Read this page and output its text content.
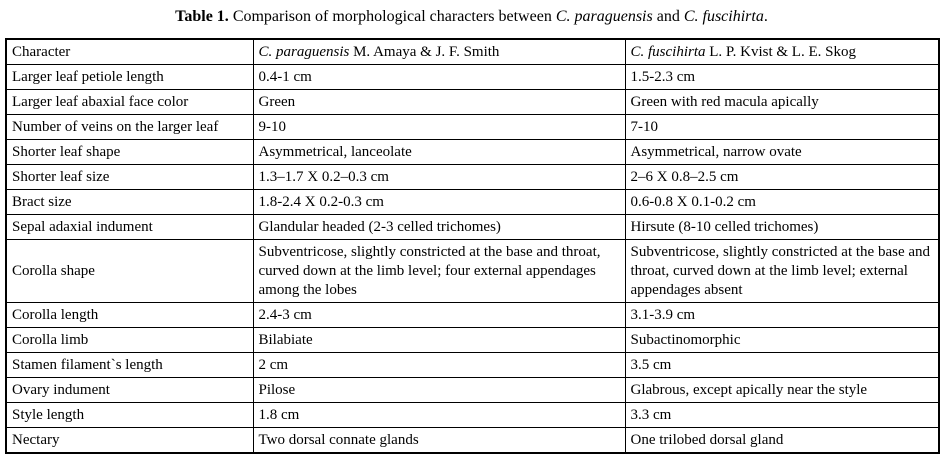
Table 1. Comparison of morphological characters between C. paraguensis and C. fuscihirta.
Character	C. paraguensis M. Amaya & J. F. Smith	C. fuscihirta L. P. Kvist & L. E. Skog
Larger leaf petiole length	0.4-1 cm	1.5-2.3 cm
Larger leaf abaxial face color	Green	Green with red macula apically
Number of veins on the larger leaf	9-10	7-10
Shorter leaf shape	Asymmetrical, lanceolate	Asymmetrical, narrow ovate
Shorter leaf size	1.3–1.7 X 0.2–0.3 cm	2–6 X 0.8–2.5 cm
Bract size	1.8-2.4 X 0.2-0.3 cm	0.6-0.8 X 0.1-0.2 cm
Sepal adaxial indument	Glandular headed (2-3 celled trichomes)	Hirsute (8-10 celled trichomes)
Corolla shape	Subventricose, slightly constricted at the base and throat, curved down at the limb level; four external appendages among the lobes	Subventricose, slightly constricted at the base and throat, curved down at the limb level; external appendages absent
Corolla length	2.4-3 cm	3.1-3.9 cm
Corolla limb	Bilabiate	Subactinomorphic
Stamen filament`s length	2 cm	3.5 cm
Ovary indument	Pilose	Glabrous, except apically near the style
Style length	1.8 cm	3.3 cm
Nectary	Two dorsal connate glands	One trilobed dorsal gland
